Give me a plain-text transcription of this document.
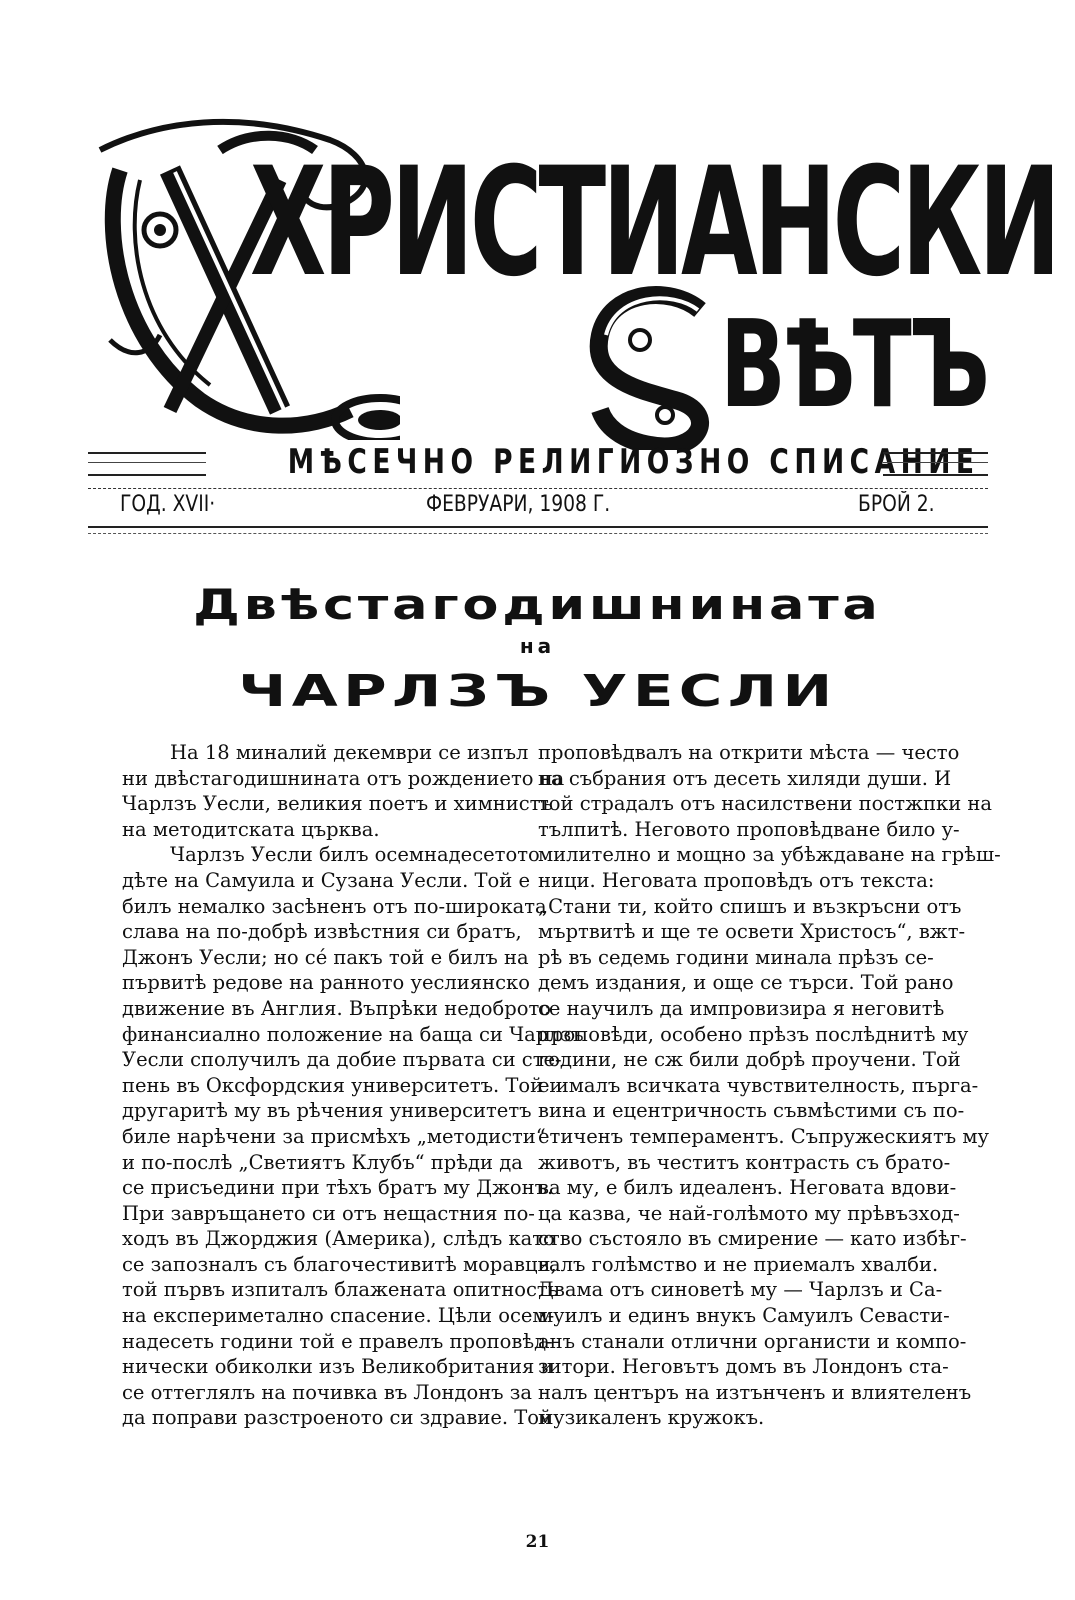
ХРИСТИАНСКИ
ВѢТЪ
МѢСЕЧНО РЕЛИГИОЗНО СПИСАНИЕ
ГОД. XVII·	ФЕВРУАРИ, 1908 Г.	БРОЙ 2.
Двѣстагодишнината
на
ЧАРЛЗЪ УЕСЛИ
На 18 миналий декември се изпъл
ни двѣстагодишнината отъ рождението на
Чарлзъ Уесли, великия поетъ и химнистъ
на методитската църква.
Чарлзъ Уесли билъ осемнадесетото
дѣте на Самуила и Сузана Уесли. Той е
билъ немалко засѣненъ отъ по-широката
слава на по-добрѣ извѣстния си братъ,
Джонъ Уесли; но сé пакъ той е билъ на
първитѣ редове на ранното уеслиянско
движение въ Англия. Въпрѣки недоброто
финансиално положение на баща си Чарлзъ
Уесли сполучилъ да добие първата си сте-
пень въ Оксфордския университетъ. Той и
другаритѣ му въ рѣчения университетъ
биле нарѣчени за присмѣхъ „методисти“
и по-послѣ „Светиятъ Клубъ“ прѣди да
се присъедини при тѣхъ братъ му Джонъ.
При завръщането си отъ нещастния по-
ходъ въ Джорджия (Америка), слѣдъ като
се запозналъ съ благочестивитѣ моравци,
той първъ изпиталъ блажената опитность
на експериметално спасение. Цѣли осем-
надесеть години той е правелъ проповѣд-
нически обиколки изъ Великобритания и
се оттеглялъ на почивка въ Лондонъ за
да поправи разстроеното си здравие. Той
проповѣдвалъ на открити мѣста — често
на събрания отъ десеть хиляди души. И
той страдалъ отъ насилствени постжпки на
тълпитѣ. Неговото проповѣдване било у-
милително и мощно за убѣждаване на грѣш-
ници. Неговата проповѣдъ отъ текста:
„Стани ти, който спишъ и възкръсни отъ
мъртвитѣ и ще те освети Христосъ“, вжт-
рѣ въ седемь години минала прѣзъ се-
демъ издания, и още се търси. Той рано
се научилъ да импровизира я неговитѣ
проповѣди, особено прѣзъ послѣднитѣ му
години, не сж били добрѣ проучени. Той
е ималъ всичката чувствителность, пърга-
вина и ецентричность съвмѣстими съ по-
етиченъ темпераментъ. Съпружескиятъ му
животъ, въ честитъ контрасть съ брато-
ва му, е билъ идеаленъ. Неговата вдови-
ца казва, че най-голѣмото му прѣвъзход-
ство състояло въ смирение — като избѣг-
валъ голѣмство и не приемалъ хвалби.
Двама отъ синоветѣ му — Чарлзъ и Са-
муилъ и единъ внукъ Самуилъ Севасти-
анъ станали отлични органисти и компо-
зитори. Неговътъ домъ въ Лондонъ ста-
налъ центъръ на изтънченъ и влиятеленъ
музикаленъ кружокъ.
21
